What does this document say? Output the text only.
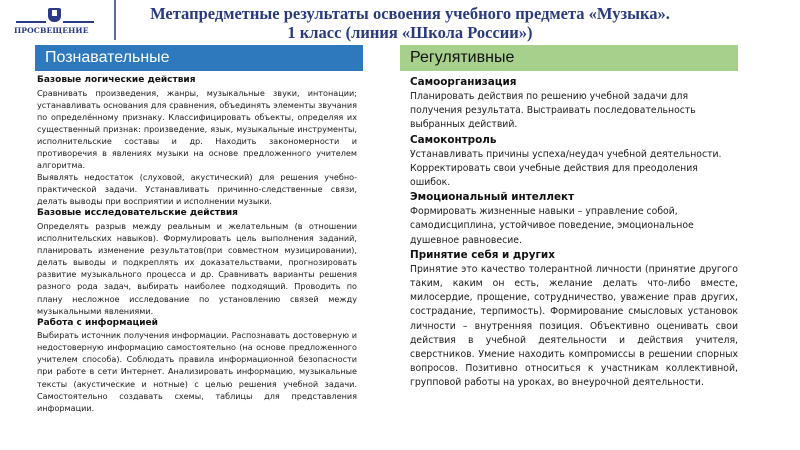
ПРОСВЕЩЕНИЕ
Метапредметные результаты освоения учебного предмета «Музыка».
1 класс (линия «Школа России»)
Познавательные	Регулятивные
Базовые логические действия

Сравнивать произведения, жанры, музыкальные звуки, интонации; устанавливать основания для сравнения, объединять элементы звучания по определённому признаку. Классифицировать объекты, определяя их существенный признак: произведение, язык, музыкальные инструменты, исполнительские составы и др. Находить закономерности и противоречия в явлениях музыки на основе предложенного учителем алгоритма.

Выявлять недостаток (слуховой, акустический) для решения учебно-практической задачи. Устанавливать причинно-следственные связи, делать выводы при восприятии и исполнении музыки.

Базовые исследовательские действия

Определять разрыв между реальным и желательным (в отношении исполнительских навыков). Формулировать цель выполнения заданий, планировать изменение результатов(при совместном музицировании), делать выводы и подкреплять их доказательствами, прогнозировать развитие музыкального процесса и др. Сравнивать варианты решения разного рода задач, выбирать наиболее подходящий. Проводить по плану несложное исследование по установлению связей между музыкальными явлениями.

Работа с информацией

Выбирать источник получения информации. Распознавать достоверную и недостоверную информацию самостоятельно (на основе предложенного учителем способа). Соблюдать правила информационной безопасности при работе в сети Интернет. Анализировать информацию, музыкальные тексты (акустические и нотные) с целью решения учебной задачи. Самостоятельно создавать схемы, таблицы для представления информации.

Самоорганизация

Планировать действия по решению учебной задачи для получения результата. Выстраивать последовательность выбранных действий.

Самоконтроль

Устанавливать причины успеха/неудач учебной деятельности. Корректировать свои учебные действия для преодоления ошибок.

Эмоциональный интеллект

Формировать жизненные навыки – управление собой, самодисциплина, устойчивое поведение, эмоциональное душевное равновесие.

Принятие себя и других

Принятие это качество толерантной личности (принятие другого таким, каким он есть, желание делать что-либо вместе, милосердие, прощение, сотрудничество, уважение прав других, сострадание, терпимость). Формирование смысловых установок личности – внутренняя позиция. Объективно оценивать свои действия в учебной деятельности и действия учителя, сверстников. Умение находить компромиссы в решении спорных вопросов. Позитивно относиться к участникам коллективной, групповой работы на уроках, во внеурочной деятельности.
